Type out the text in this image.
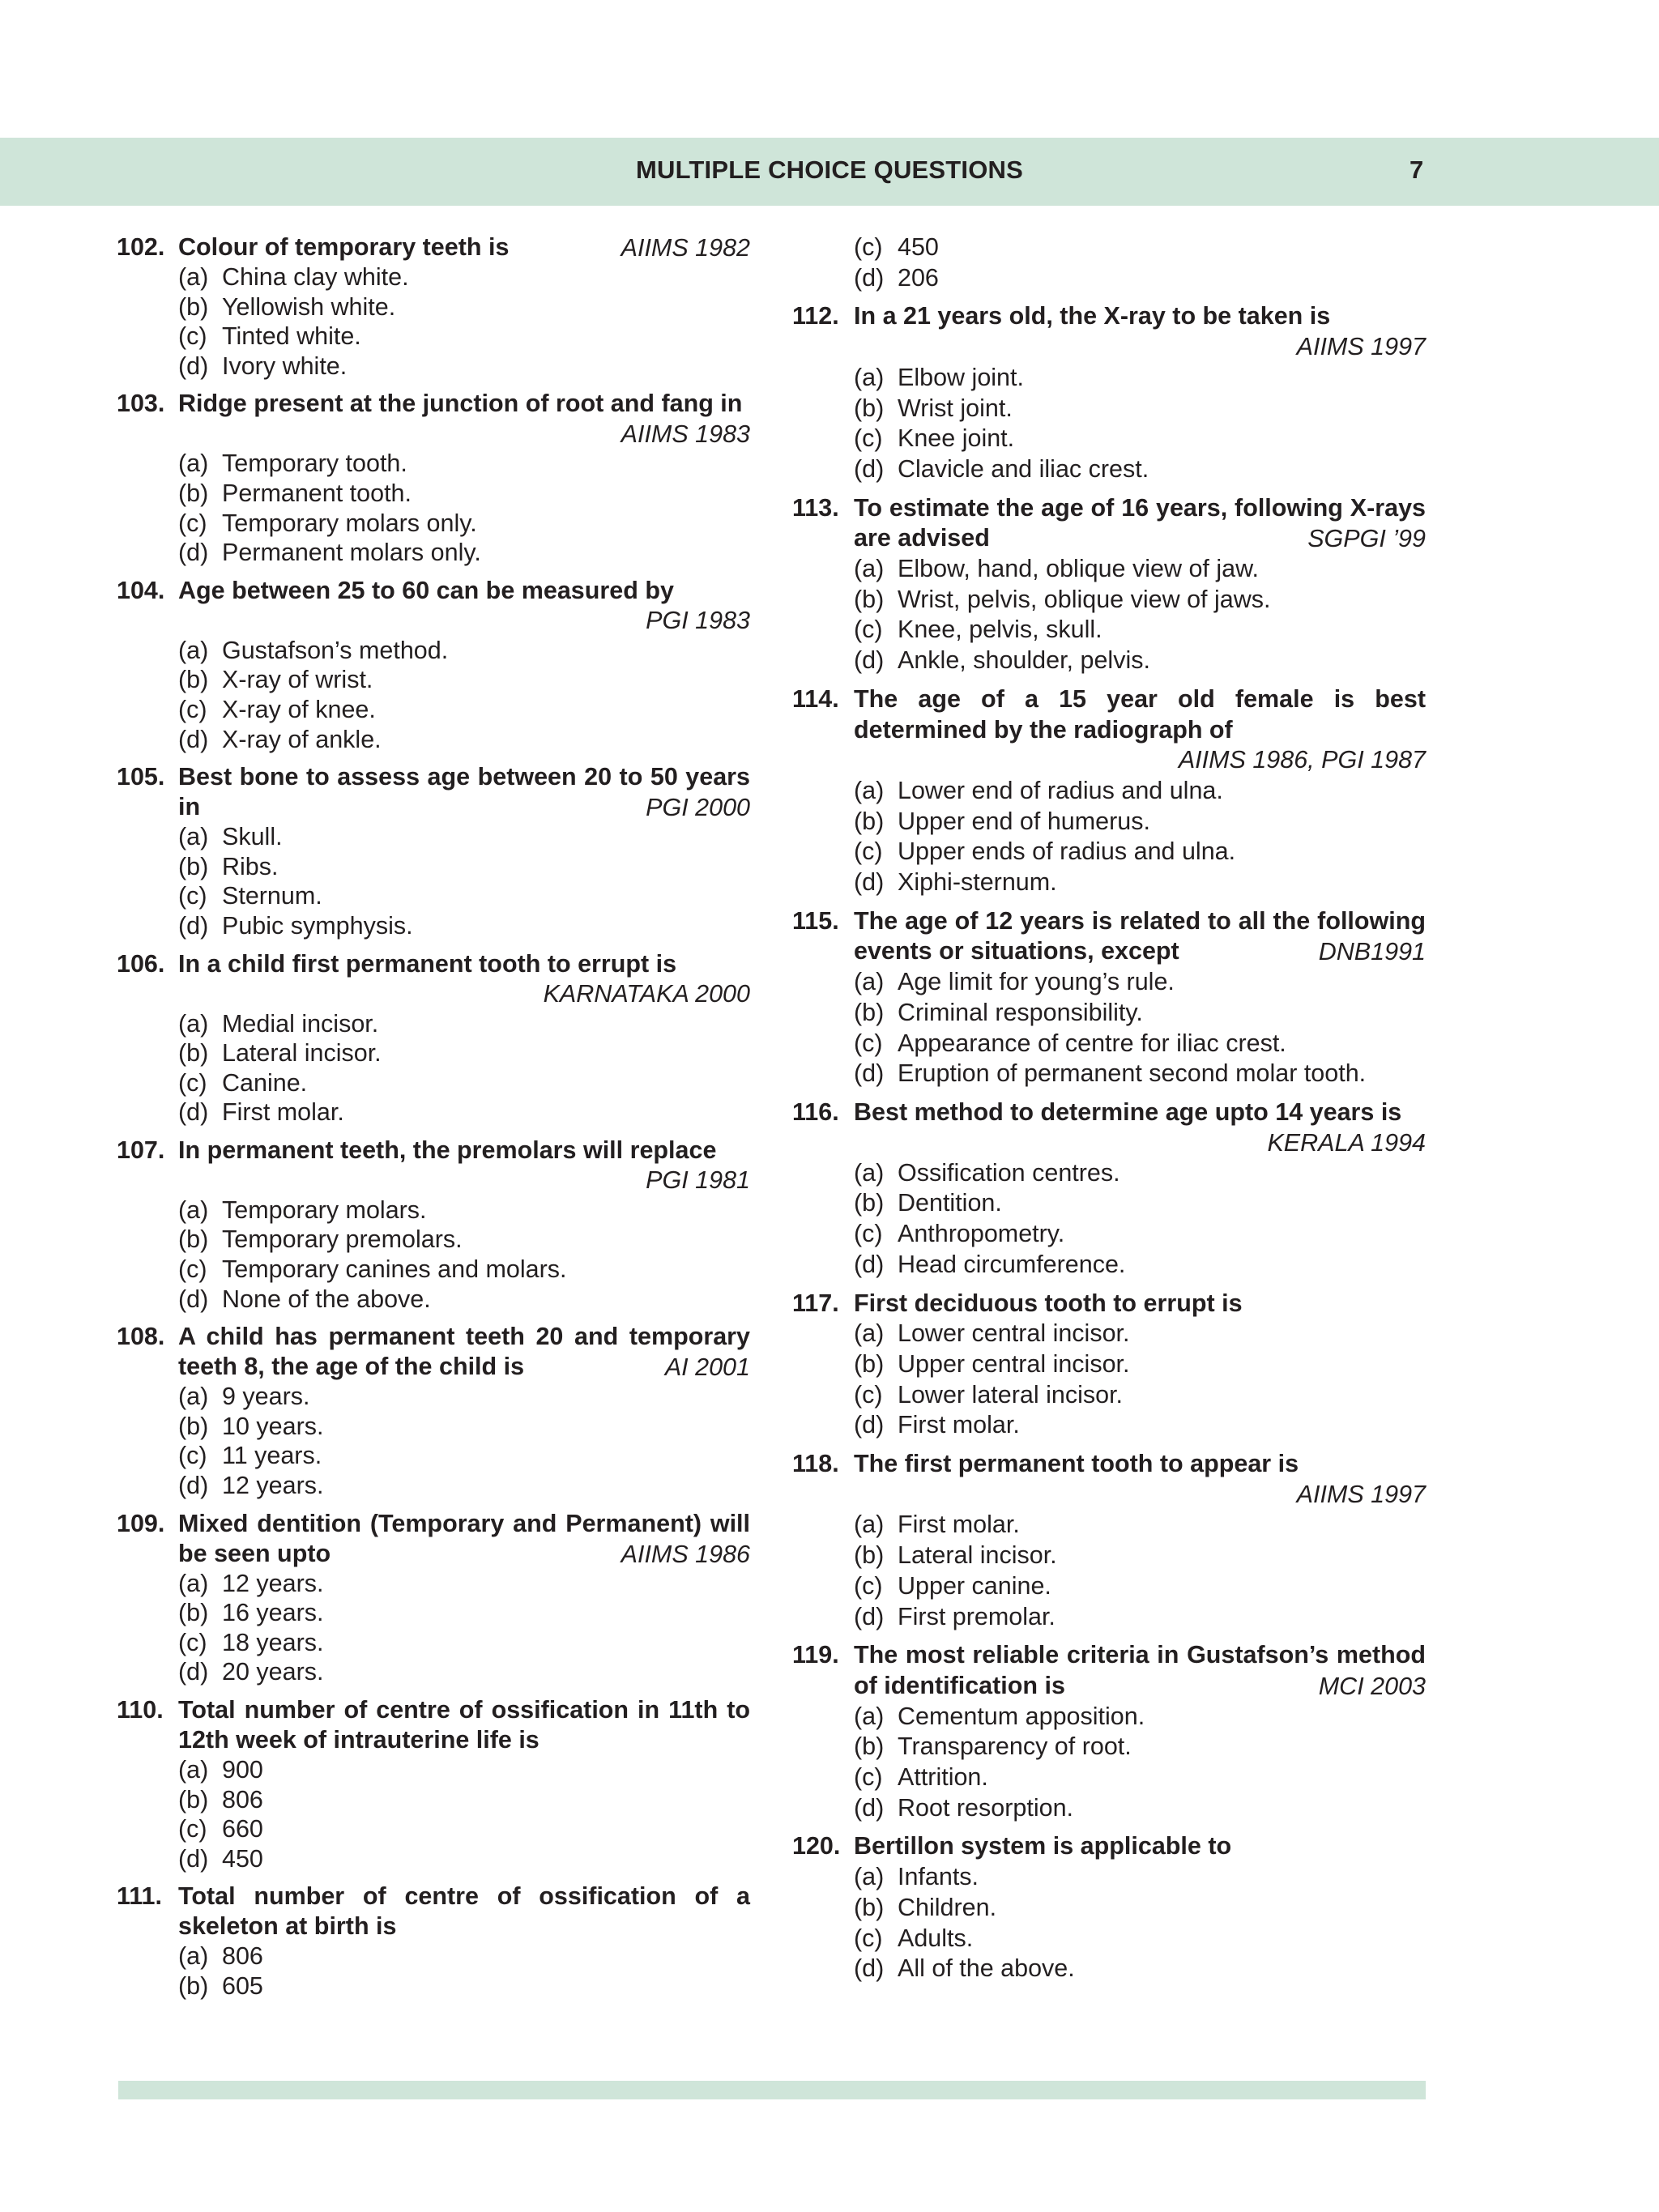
MULTIPLE CHOICE QUESTIONS	7
102. Colour of temporary teeth is	AIIMS 1982
(a) China clay white.
(b) Yellowish white.
(c) Tinted white.
(d) Ivory white.
103. Ridge present at the junction of root and fang in
AIIMS 1983
(a) Temporary tooth.
(b) Permanent tooth.
(c) Temporary molars only.
(d) Permanent molars only.
104. Age between 25 to 60 can be measured by
PGI 1983
(a) Gustafson’s method.
(b) X-ray of wrist.
(c) X-ray of knee.
(d) X-ray of ankle.
105. Best bone to assess age between 20 to 50 years in	PGI 2000
(a) Skull.
(b) Ribs.
(c) Sternum.
(d) Pubic symphysis.
106. In a child first permanent tooth to errupt is
KARNATAKA 2000
(a) Medial incisor.
(b) Lateral incisor.
(c) Canine.
(d) First molar.
107. In permanent teeth, the premolars will replace
PGI 1981
(a) Temporary molars.
(b) Temporary premolars.
(c) Temporary canines and molars.
(d) None of the above.
108. A child has permanent teeth 20 and temporary teeth 8, the age of the child is	AI 2001
(a) 9 years.
(b) 10 years.
(c) 11 years.
(d) 12 years.
109. Mixed dentition (Temporary and Permanent) will be seen upto	AIIMS 1986
(a) 12 years.
(b) 16 years.
(c) 18 years.
(d) 20 years.
110. Total number of centre of ossification in 11th to 12th week of intrauterine life is
(a) 900
(b) 806
(c) 660
(d) 450
111. Total number of centre of ossification of a skeleton at birth is
(a) 806
(b) 605
(c) 450
(d) 206
112. In a 21 years old, the X-ray to be taken is
AIIMS 1997
(a) Elbow joint.
(b) Wrist joint.
(c) Knee joint.
(d) Clavicle and iliac crest.
113. To estimate the age of 16 years, following X-rays are advised	SGPGI ’99
(a) Elbow, hand, oblique view of jaw.
(b) Wrist, pelvis, oblique view of jaws.
(c) Knee, pelvis, skull.
(d) Ankle, shoulder, pelvis.
114. The age of a 15 year old female is best determined by the radiograph of
AIIMS 1986, PGI 1987
(a) Lower end of radius and ulna.
(b) Upper end of humerus.
(c) Upper ends of radius and ulna.
(d) Xiphi-sternum.
115. The age of 12 years is related to all the following events or situations, except	DNB1991
(a) Age limit for young’s rule.
(b) Criminal responsibility.
(c) Appearance of centre for iliac crest.
(d) Eruption of permanent second molar tooth.
116. Best method to determine age upto 14 years is
KERALA 1994
(a) Ossification centres.
(b) Dentition.
(c) Anthropometry.
(d) Head circumference.
117. First deciduous tooth to errupt is
(a) Lower central incisor.
(b) Upper central incisor.
(c) Lower lateral incisor.
(d) First molar.
118. The first permanent tooth to appear is
AIIMS 1997
(a) First molar.
(b) Lateral incisor.
(c) Upper canine.
(d) First premolar.
119. The most reliable criteria in Gustafson’s method of identification is	MCI 2003
(a) Cementum apposition.
(b) Transparency of root.
(c) Attrition.
(d) Root resorption.
120. Bertillon system is applicable to
(a) Infants.
(b) Children.
(c) Adults.
(d) All of the above.
